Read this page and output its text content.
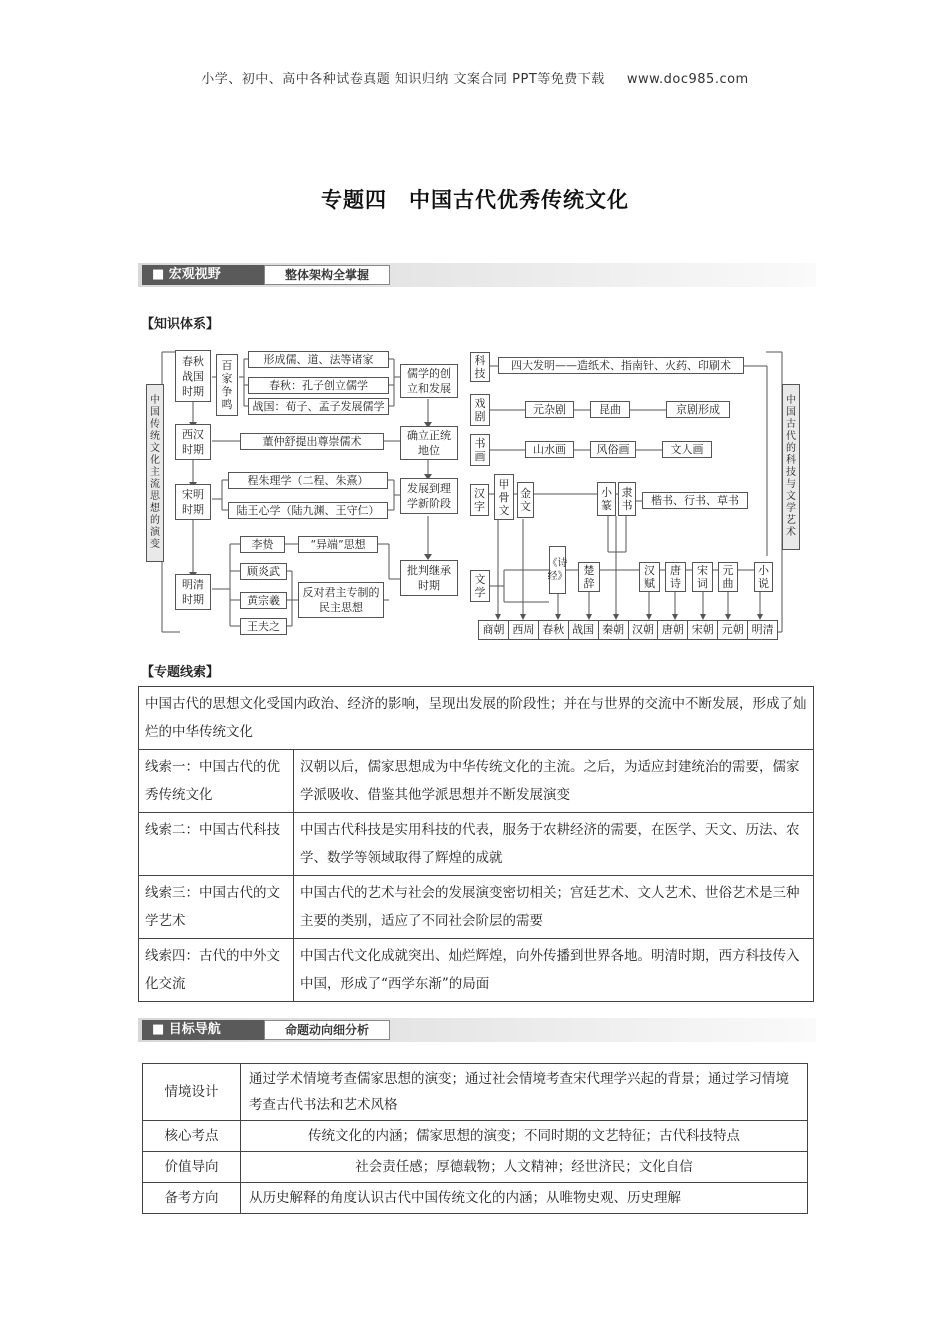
小学、初中、高中各种试卷真题 知识归纳 文案合同 PPT等免费下载 www.doc985.com
专题四　中国古代优秀传统文化
■ 宏观视野	整体架构全掌握
【知识体系】
中国传统文化主流思想的演变
春秋战国时期
西汉时期
宋明时期
明清时期
百家争鸣
形成儒、道、法等诸家
春秋：孔子创立儒学
战国：荀子、孟子发展儒学
董仲舒提出尊崇儒术
程朱理学（二程、朱熹）
陆王心学（陆九渊、王守仁）
李贽
顾炎武
黄宗羲
王夫之
“异端”思想
反对君主专制的民主思想
儒学的创立和发展
确立正统地位
发展到理学新阶段
批判继承时期
科技
四大发明——造纸术、指南针、火药、印刷术
戏剧
元杂剧	昆曲	京剧形成
书画
山水画	风俗画	文人画
汉字
甲骨文
金文
小篆
隶书	楷书、行书、草书
文学
《诗经》	楚辞
汉赋
唐诗
宋词
元曲
小说
中国古代的科技与文学艺术
商朝 西周 春秋 战国 秦朝 汉朝 唐朝 宋朝 元朝 明清
【专题线索】
中国古代的思想文化受国内政治、经济的影响，呈现出发展的阶段性；并在与世界的交流中不断发展，形成了灿烂的中华传统文化	
线索一：中国古代的优秀传统文化	汉朝以后，儒家思想成为中华传统文化的主流。之后，为适应封建统治的需要，儒家学派吸收、借鉴其他学派思想并不断发展演变
线索二：中国古代科技	中国古代科技是实用科技的代表，服务于农耕经济的需要，在医学、天文、历法、农学、数学等领域取得了辉煌的成就
线索三：中国古代的文学艺术	中国古代的艺术与社会的发展演变密切相关；宫廷艺术、文人艺术、世俗艺术是三种主要的类别，适应了不同社会阶层的需要
线索四：古代的中外文化交流	中国古代文化成就突出、灿烂辉煌，向外传播到世界各地。明清时期，西方科技传入中国，形成了“西学东渐”的局面
■ 目标导航	命题动向细分析
情境设计	通过学术情境考查儒家思想的演变；通过社会情境考查宋代理学兴起的背景；通过学习情境考查古代书法和艺术风格
核心考点	传统文化的内涵；儒家思想的演变；不同时期的文艺特征；古代科技特点
价值导向	社会责任感；厚德载物；人文精神；经世济民；文化自信
备考方向	从历史解释的角度认识古代中国传统文化的内涵；从唯物史观、历史理解
